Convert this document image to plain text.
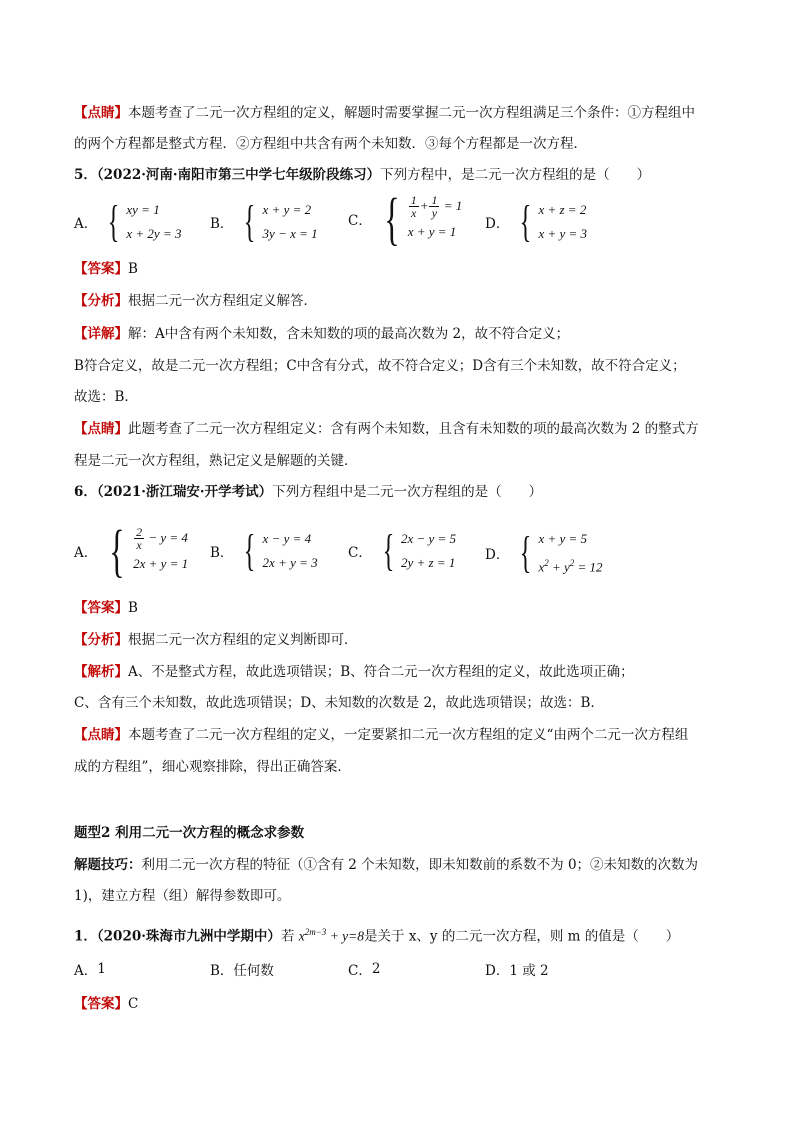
【点睛】本题考查了二元一次方程组的定义，解题时需要掌握二元一次方程组满足三个条件：①方程组中
的两个方程都是整式方程．②方程组中共含有两个未知数．③每个方程都是一次方程．
5．（2022·河南·南阳市第三中学七年级阶段练习）下列方程中，是二元一次方程组的是（　　）
A． { xy = 1
x + 2y = 3
B． { x + y = 2
3y − x = 1
C． { $\frac{1}{x} + \frac{1}{y} = 1$
x + y = 1	D． { x + z = 2
x + y = 3
【答案】B
【分析】根据二元一次方程组定义解答．
【详解】解：A中含有两个未知数，含未知数的项的最高次数为 2，故不符合定义；
B符合定义，故是二元一次方程组；C中含有分式，故不符合定义；D含有三个未知数，故不符合定义；
故选：B．
【点睛】此题考查了二元一次方程组定义：含有两个未知数，且含有未知数的项的最高次数为 2 的整式方
程是二元一次方程组，熟记定义是解题的关键．
6．（2021·浙江瑞安·开学考试）下列方程组中是二元一次方程组的是（　　）
A． { $\frac{2}{x} - y = 4$
2x + y = 1
B． { x − y = 4
2x + y = 3
C． { 2x − y = 5
2y + z = 1 D． { x + y = 5
$x^2 + y^2 = 12$
【答案】B
【分析】根据二元一次方程组的定义判断即可．
【解析】A、不是整式方程，故此选项错误；B、符合二元一次方程组的定义，故此选项正确；
C、含有三个未知数，故此选项错误；D、未知数的次数是 2，故此选项错误；故选：B．
【点睛】本题考查了二元一次方程组的定义，一定要紧扣二元一次方程组的定义“由两个二元一次方程组
成的方程组”，细心观察排除，得出正确答案．
题型2 利用二元一次方程的概念求参数
解题技巧：利用二元一次方程的特征（①含有 2 个未知数，即未知数前的系数不为 0；②未知数的次数为
1)，建立方程（组）解得参数即可。
1．（2020·珠海市九洲中学期中）若 $x^{2m-3} + y=8$是关于 x、y 的二元一次方程，则 m 的值是（　　）
A． 1	B． 任何数	C． 2	D． 1 或 2
【答案】C
